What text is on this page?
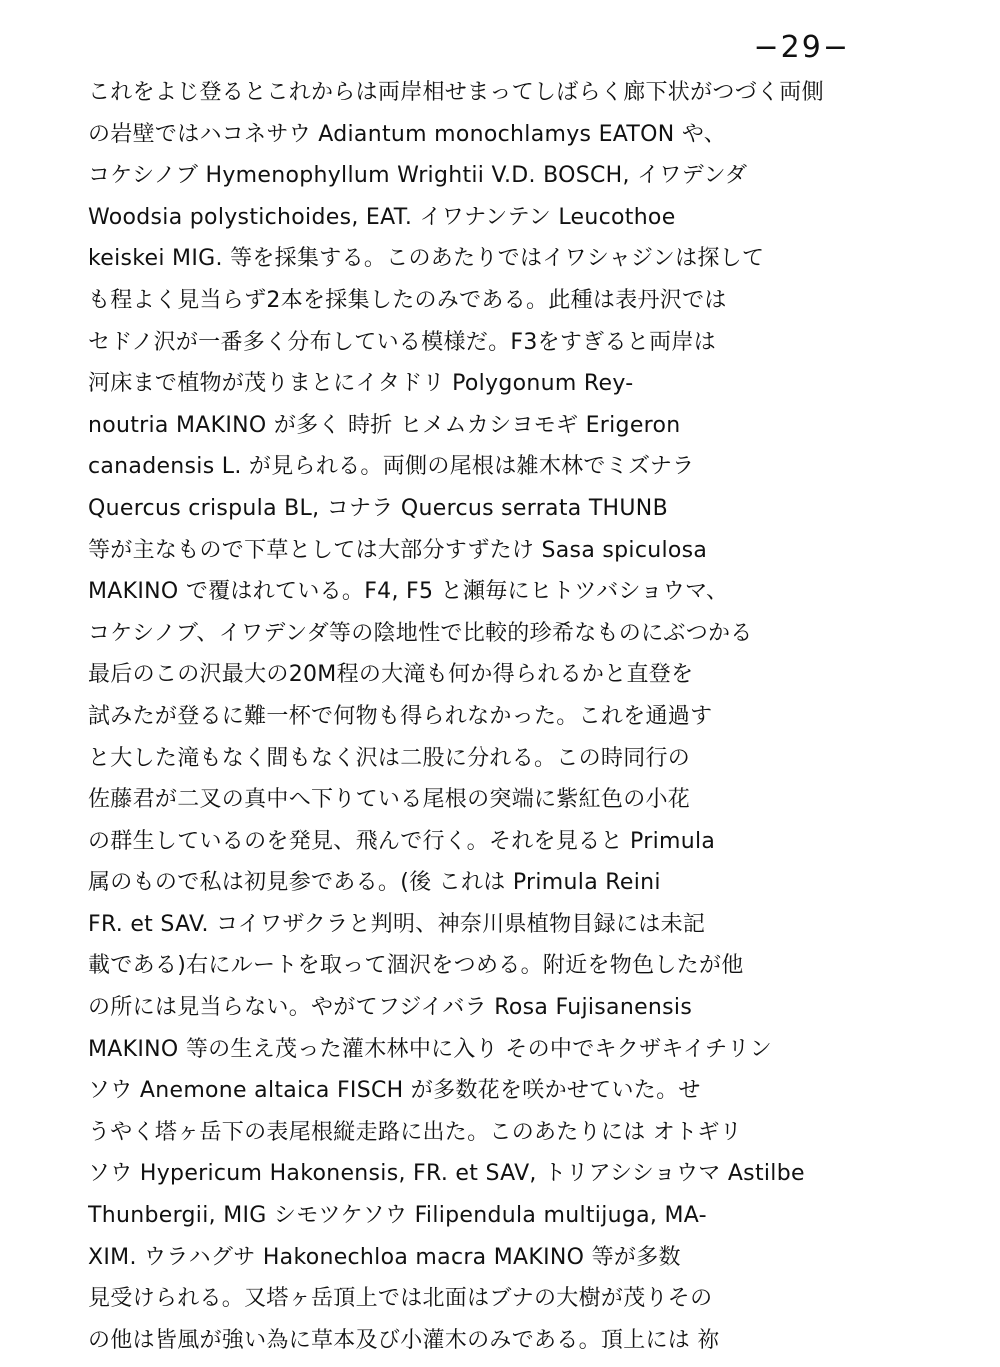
−29−
これをよじ登るとこれからは両岸相せまってしばらく廊下状がつづく両側
の岩壁ではハコネサウ Adiantum monochlamys EATON や、
コケシノブ Hymenophyllum Wrightii V.D. BOSCH, イワデンダ
Woodsia polystichoides, EAT. イワナンテン Leucothoe
keiskei MIG. 等を採集する。このあたりではイワシャジンは探して
も程よく見当らず2本を採集したのみである。此種は表丹沢では
セドノ沢が一番多く分布している模様だ。F3をすぎると両岸は
河床まで植物が茂りまとにイタドリ Polygonum Rey-
noutria MAKINO が多く 時折 ヒメムカシヨモギ Erigeron
canadensis L. が見られる。両側の尾根は雑木林でミズナラ
Quercus crispula BL, コナラ Quercus serrata THUNB
等が主なもので下草としては大部分すずたけ Sasa spiculosa
MAKINO で覆はれている。F4, F5 と瀬毎にヒトツバショウマ、
コケシノブ、イワデンダ等の陰地性で比較的珍希なものにぶつかる
最后のこの沢最大の20M程の大滝も何か得られるかと直登を
試みたが登るに難一杯で何物も得られなかった。これを通過す
と大した滝もなく間もなく沢は二股に分れる。この時同行の
佐藤君が二叉の真中へ下りている尾根の突端に紫紅色の小花
の群生しているのを発見、飛んで行く。それを見ると Primula
属のもので私は初見参である。(後 これは Primula Reini
FR. et SAV. コイワザクラと判明、神奈川県植物目録には未記
載である)右にルートを取って涸沢をつめる。附近を物色したが他
の所には見当らない。やがてフジイバラ Rosa Fujisanensis
MAKINO 等の生え茂った灌木林中に入り その中でキクザキイチリン
ソウ Anemone altaica FISCH が多数花を咲かせていた。せ
うやく塔ヶ岳下の表尾根縦走路に出た。このあたりには オトギリ
ソウ Hypericum Hakonensis, FR. et SAV, トリアシショウマ Astilbe
Thunbergii, MIG シモツケソウ Filipendula multijuga, MA-
XIM. ウラハグサ Hakonechloa macra MAKINO 等が多数
見受けられる。又塔ヶ岳頂上では北面はブナの大樹が茂りその
の他は皆風が強い為に草本及び小灌木のみである。頂上には 祢
